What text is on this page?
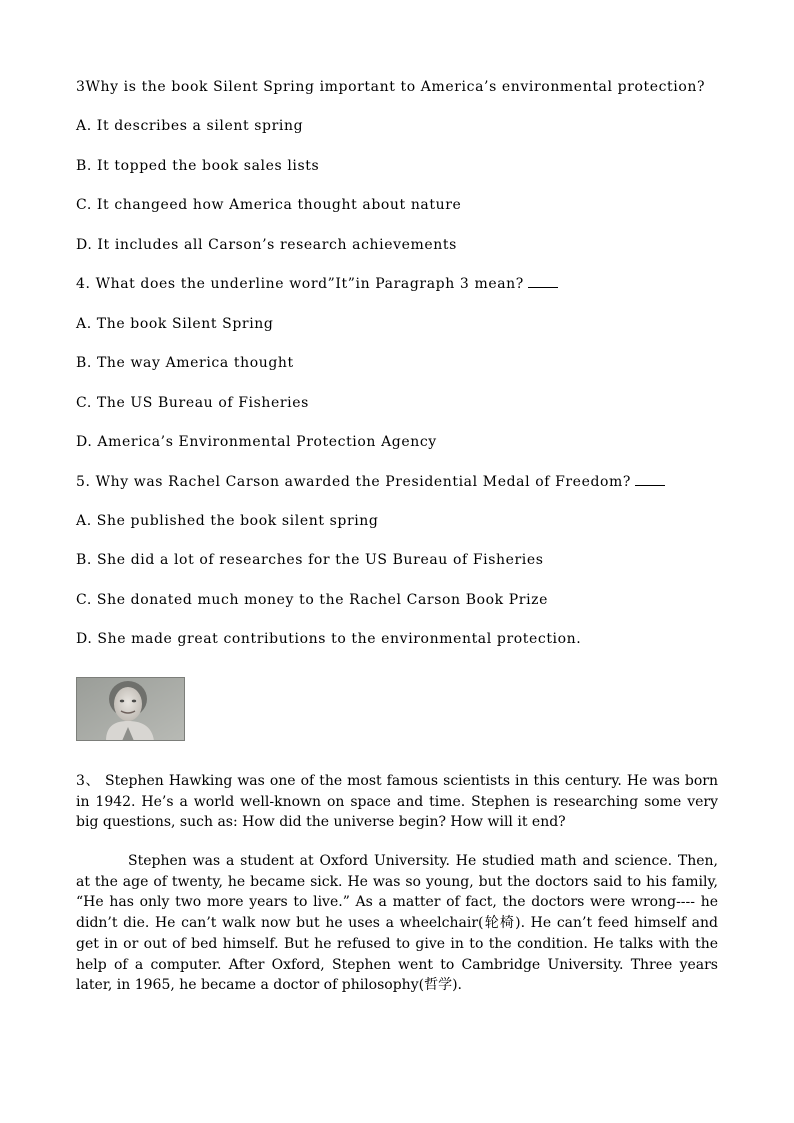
3Why is the book Silent Spring important to America’s environmental protection?
A. It describes a silent spring
B. It topped the book sales lists
C. It changeed how America thought about nature
D. It includes all Carson’s research achievements
4. What does the underline word”It”in Paragraph 3 mean?
A. The book Silent Spring
B. The way America thought
C. The US Bureau of Fisheries
D. America’s Environmental Protection Agency
5. Why was Rachel Carson awarded the Presidential Medal of Freedom?
A. She published the book silent spring
B. She did a lot of researches for the US Bureau of Fisheries
C. She donated much money to the Rachel Carson Book Prize
D. She made great contributions to the environmental protection.

3、 Stephen Hawking was one of the most famous scientists in this century. He was born in 1942. He’s a world well-known on space and time. Stephen is researching some very big questions, such as: How did the universe begin? How will it end?

Stephen was a student at Oxford University. He studied math and science. Then, at the age of twenty, he became sick. He was so young, but the doctors said to his family, “He has only two more years to live.” As a matter of fact, the doctors were wrong---- he didn’t die. He can’t walk now but he uses a wheelchair(轮椅). He can’t feed himself and get in or out of bed himself. But he refused to give in to the condition. He talks with the help of a computer. After Oxford, Stephen went to Cambridge University. Three years later, in 1965, he became a doctor of philosophy(哲学).
